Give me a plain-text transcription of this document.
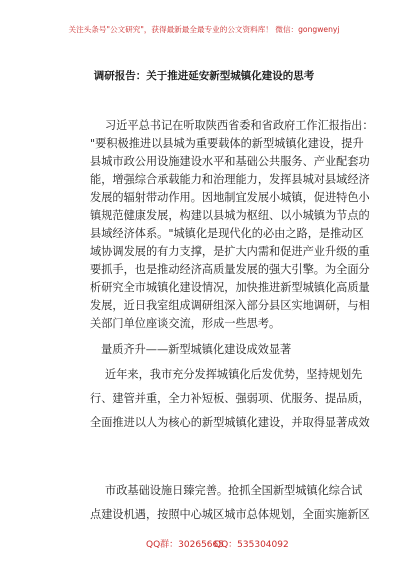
关注头条号"公文研究"，获得最新最全最专业的公文资料库！ 微信：gongwenyj
调研报告：关于推进延安新型城镇化建设的思考
习近平总书记在听取陕西省委和省政府工作汇报指出：
"要积极推进以县城为重要载体的新型城镇化建设，提升
县城市政公用设施建设水平和基础公共服务、产业配套功
能，增强综合承载能力和治理能力，发挥县城对县域经济
发展的辐射带动作用。因地制宜发展小城镇，促进特色小
镇规范健康发展，构建以县城为枢纽、以小城镇为节点的
县域经济体系。"城镇化是现代化的必由之路，是推动区
域协调发展的有力支撑，是扩大内需和促进产业升级的重
要抓手，也是推动经济高质量发展的强大引擎。为全面分
析研究全市城镇化建设情况，加快推进新型城镇化高质量
发展，近日我室组成调研组深入部分县区实地调研，与相
关部门单位座谈交流，形成一些思考。
量质齐升——新型城镇化建设成效显著
近年来，我市充分发挥城镇化后发优势，坚持规划先
行、建管并重，全力补短板、强弱项、优服务、提品质，
全面推进以人为核心的新型城镇化建设，并取得显著成效
市政基础设施日臻完善。抢抓全国新型城镇化综合试
点建设机遇，按照中心城区城市总体规划，全面实施新区
QQ群：30265665
QQ：535304092
